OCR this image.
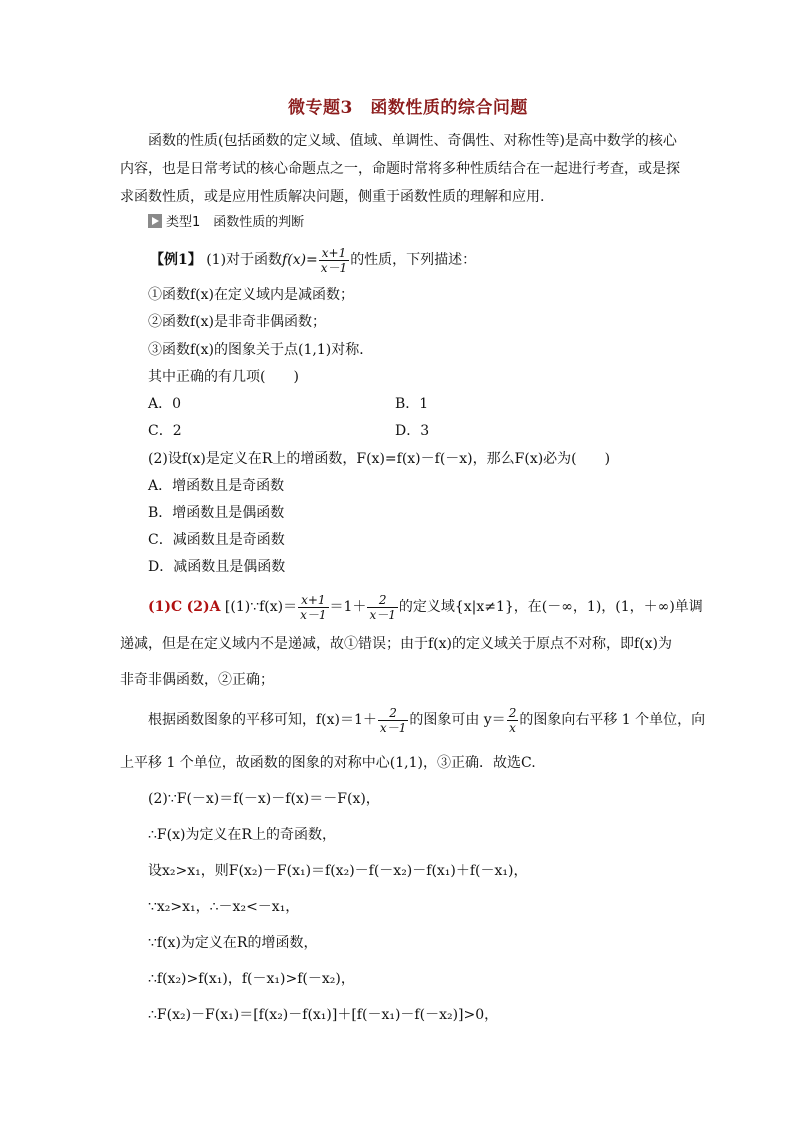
微专题3　函数性质的综合问题
函数的性质(包括函数的定义域、值域、单调性、奇偶性、对称性等)是高中数学的核心
内容，也是日常考试的核心命题点之一，命题时常将多种性质结合在一起进行考查，或是探
求函数性质，或是应用性质解决问题，侧重于函数性质的理解和应用.
类型1　函数性质的判断
【例1】 (1)对于函数$f(x)= \frac{x+1}{x-1}$ 的性质，下列描述：
①函数f(x)在定义域内是减函数；
②函数f(x)是非奇非偶函数；
③函数f(x)的图象关于点(1,1)对称．
其中正确的有几项(　　)
A．0	B．1
C．2	D．3
(2)设f(x)是定义在R上的增函数，F(x)=f(x)－f(－x)，那么F(x)必为(　　)
A．增函数且是奇函数
B．增函数且是偶函数
C．减函数且是奇函数
D．减函数且是偶函数
(1)C (2)A [(1)∵f(x)＝ $\frac{x+1}{x-1} =1+ \frac{2}{x-1}$ 的定义域{x|x≠1}，在(－∞，1)，(1，＋∞)单调
递减，但是在定义域内不是递减，故①错误；由于f(x)的定义域关于原点不对称，即f(x)为
非奇非偶函数，②正确；
根据函数图象的平移可知，$f(x)=1+ \frac{2}{x-1}$ 的图象可由 $y= \frac{2}{x}$ 的图象向右平移 1 个单位，向
上平移 1 个单位，故函数的图象的对称中心(1,1)，③正确．故选C.
(2)∵F(－x)＝f(－x)－f(x)＝－F(x)，
∴F(x)为定义在R上的奇函数，
设x₂>x₁，则F(x₂)－F(x₁)＝f(x₂)－f(－x₂)－f(x₁)＋f(－x₁)，
∵x₂>x₁，∴－x₂<－x₁，
∵f(x)为定义在R的增函数，
∴f(x₂)>f(x₁)，f(－x₁)>f(－x₂)，
∴F(x₂)－F(x₁)＝[f(x₂)－f(x₁)]＋[f(－x₁)－f(－x₂)]>0，
